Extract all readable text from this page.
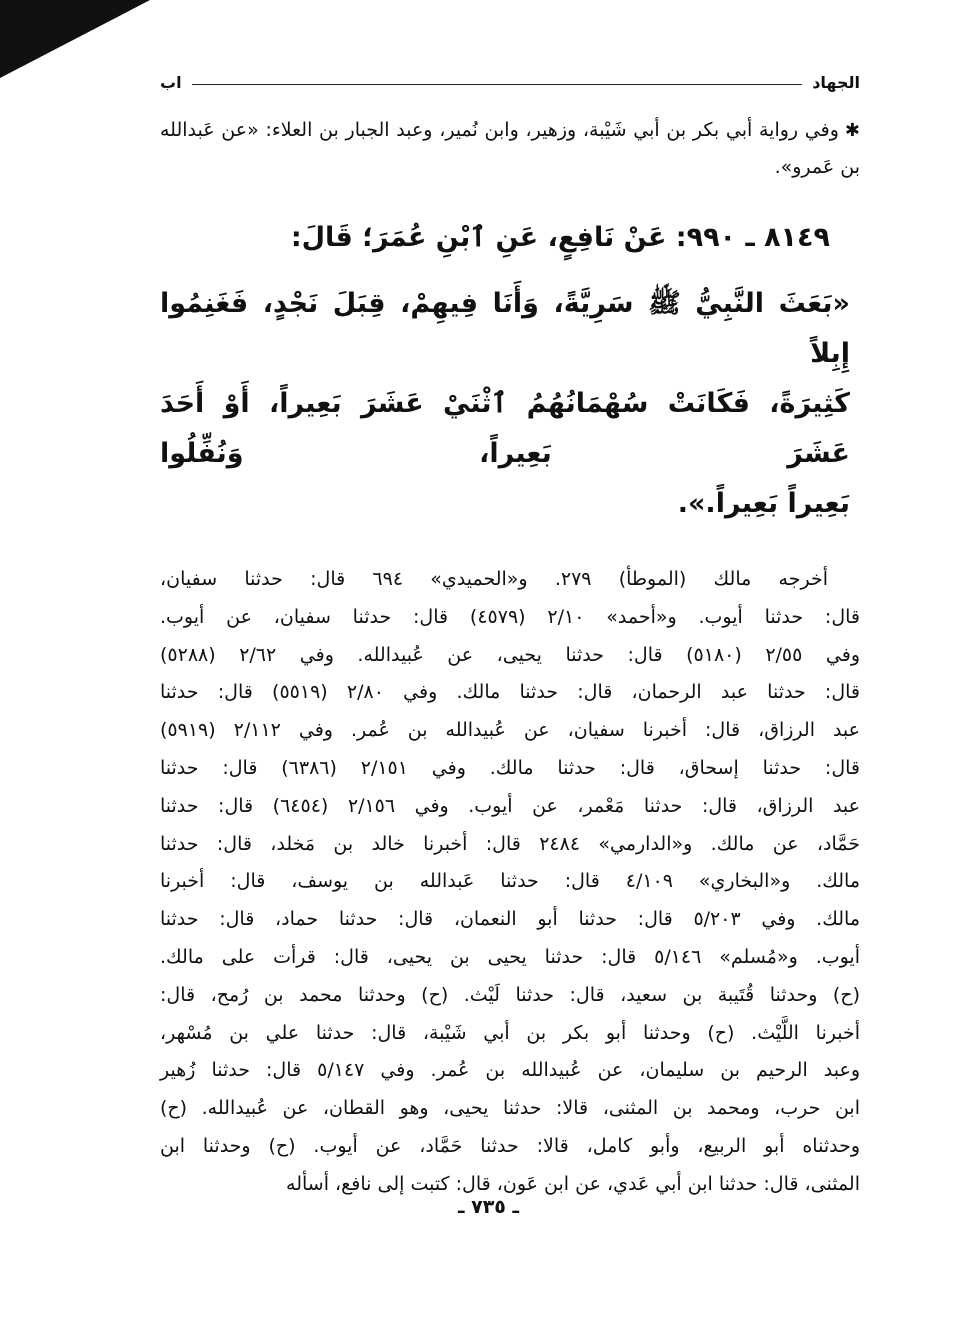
الجهاد
اب
✱وفي رواية أبي بكر بن أبي شَيْبة، وزهير، وابن نُمير، وعبد الجبار بن العلاء: «عن عَبدالله بن عَمرو».
٨١٤٩ ـ ٩٩٠: عَنْ نَافِعٍ، عَنِ ٱبْنِ عُمَرَ؛ قَالَ:

«بَعَثَ النَّبِيُّ ﷺ سَرِيَّةً، وَأَنَا فِيهِمْ، قِبَلَ نَجْدٍ، فَغَنِمُوا إِبِلاً

كَثِيرَةً، فَكَانَتْ سُهْمَانُهُمُ ٱثْنَيْ عَشَرَ بَعِيراً، أَوْ أَحَدَ عَشَرَ بَعِيراً، وَنُفِّلُوا

بَعِيراً بَعِيراً.».

أخرجه مالك (الموطأ) ٢٧٩. و«الحميدي» ٦٩٤ قال: حدثنا سفيان،

قال: حدثنا أيوب. و«أحمد» ٢/١٠ (٤٥٧٩) قال: حدثنا سفيان، عن أيوب.

وفي ٢/٥٥ (٥١٨٠) قال: حدثنا يحيى، عن عُبيدالله. وفي ٢/٦٢ (٥٢٨٨)

قال: حدثنا عبد الرحمان، قال: حدثنا مالك. وفي ٢/٨٠ (٥٥١٩) قال: حدثنا

عبد الرزاق، قال: أخبرنا سفيان، عن عُبيدالله بن عُمر. وفي ٢/١١٢ (٥٩١٩)

قال: حدثنا إسحاق، قال: حدثنا مالك. وفي ٢/١٥١ (٦٣٨٦) قال: حدثنا

عبد الرزاق، قال: حدثنا مَعْمر، عن أيوب. وفي ٢/١٥٦ (٦٤٥٤) قال: حدثنا

حَمَّاد، عن مالك. و«الدارمي» ٢٤٨٤ قال: أخبرنا خالد بن مَخلد، قال: حدثنا

مالك. و«البخاري» ٤/١٠٩ قال: حدثنا عَبدالله بن يوسف، قال: أخبرنا

مالك. وفي ٥/٢٠٣ قال: حدثنا أبو النعمان، قال: حدثنا حماد، قال: حدثنا

أيوب. و«مُسلم» ٥/١٤٦ قال: حدثنا يحيى بن يحيى، قال: قرأت على مالك.

(ح) وحدثنا قُتَيبة بن سعيد، قال: حدثنا لَيْث. (ح) وحدثنا محمد بن رُمح، قال:

أخبرنا اللَّيْث. (ح) وحدثنا أبو بكر بن أبي شَيْبة، قال: حدثنا علي بن مُسْهر،

وعبد الرحيم بن سليمان، عن عُبيدالله بن عُمر. وفي ٥/١٤٧ قال: حدثنا زُهير

ابن حرب، ومحمد بن المثنى، قالا: حدثنا يحيى، وهو القطان، عن عُبيدالله. (ح)

وحدثناه أبو الربيع، وأبو كامل، قالا: حدثنا حَمَّاد، عن أيوب. (ح) وحدثنا ابن

المثنى، قال: حدثنا ابن أبي عَدي، عن ابن عَون، قال: كتبت إلى نافع، أسأله

ـ ٧٣٥ ـ
